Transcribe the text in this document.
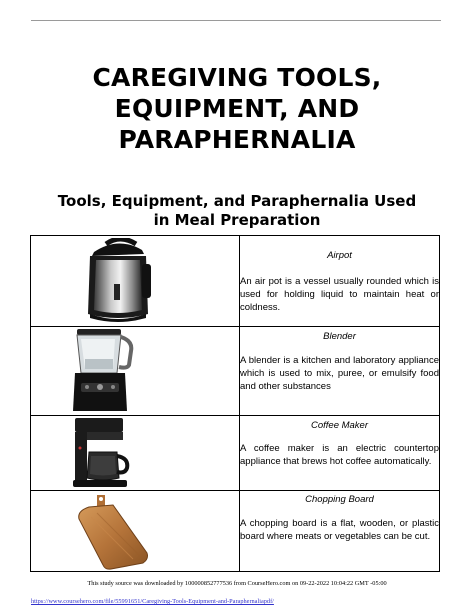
CAREGIVING TOOLS,
EQUIPMENT, AND
PARAPHERNALIA
Tools, Equipment, and Paraphernalia Used
in Meal Preparation

Airpot
An air pot is a vessel usually rounded which is used for holding liquid to maintain heat or coldness.

Blender
A blender is a kitchen and laboratory appliance which is used to mix, puree, or emulsify food and other substances

Coffee Maker
A coffee maker is an electric countertop appliance that brews hot coffee automatically.

Chopping Board
A chopping board is a flat, wooden, or plastic board where meats or vegetables can be cut.
This study source was downloaded by 100000852777536 from CourseHero.com on 09-22-2022 10:04:22 GMT -05:00
https://www.coursehero.com/file/55991651/Caregiving-Tools-Equipment-and-Paraphernaliapdf/
